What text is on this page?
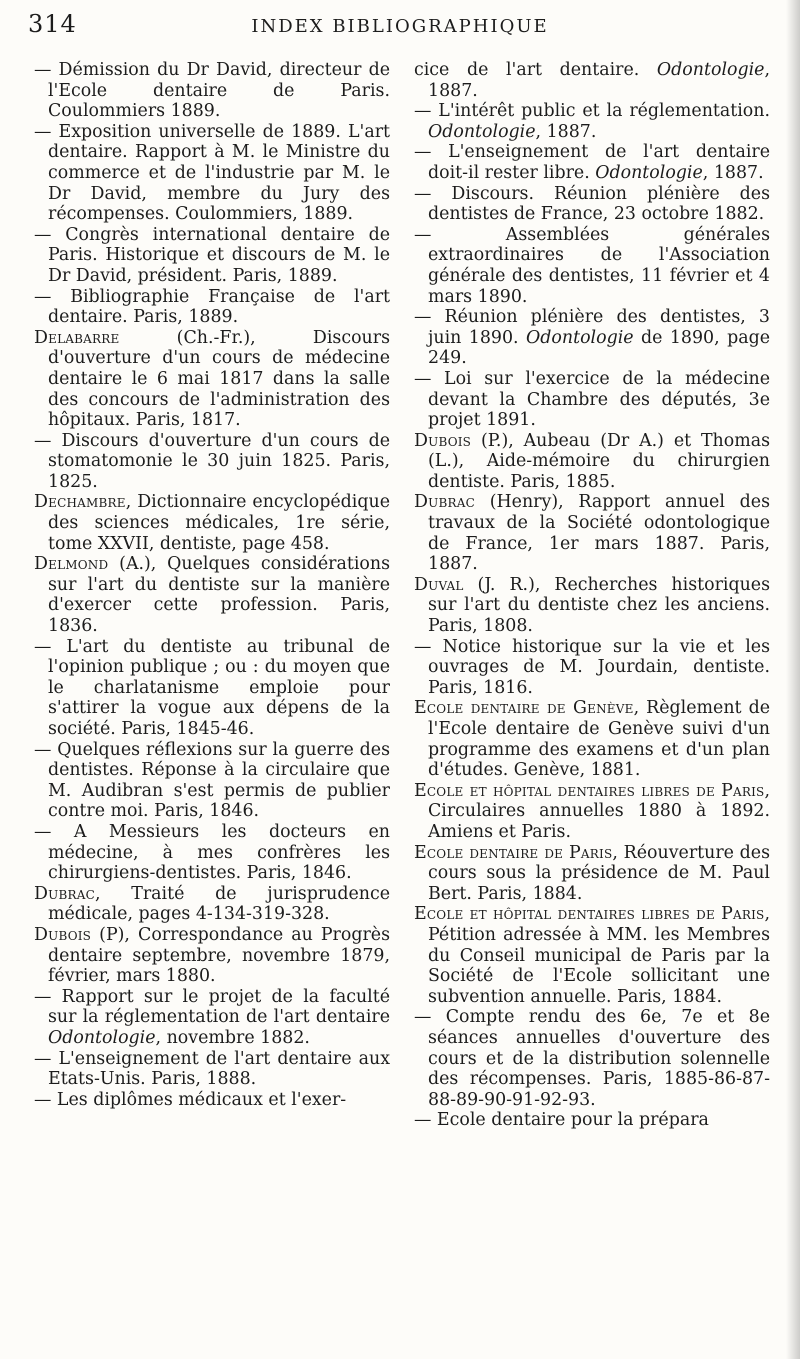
314	INDEX BIBLIOGRAPHIQUE

— Démission du Dr David, directeur de l'Ecole dentaire de Paris. Coulommiers 1889.

— Exposition universelle de 1889. L'art dentaire. Rapport à M. le Ministre du commerce et de l'industrie par M. le Dr David, membre du Jury des récompenses. Coulommiers, 1889.

— Congrès international dentaire de Paris. Historique et discours de M. le Dr David, président. Paris, 1889.

— Bibliographie Française de l'art dentaire. Paris, 1889.

Delabarre (Ch.-Fr.), Discours d'ouverture d'un cours de médecine dentaire le 6 mai 1817 dans la salle des concours de l'administration des hôpitaux. Paris, 1817.

— Discours d'ouverture d'un cours de stomatomonie le 30 juin 1825. Paris, 1825.

Dechambre, Dictionnaire encyclopédique des sciences médicales, 1re série, tome XXVII, dentiste, page 458.

Delmond (A.), Quelques considérations sur l'art du dentiste sur la manière d'exercer cette profession. Paris, 1836.

— L'art du dentiste au tribunal de l'opinion publique ; ou : du moyen que le charlatanisme emploie pour s'attirer la vogue aux dépens de la société. Paris, 1845-46.

— Quelques réflexions sur la guerre des dentistes. Réponse à la circulaire que M. Audibran s'est permis de publier contre moi. Paris, 1846.

— A Messieurs les docteurs en médecine, à mes confrères les chirurgiens-dentistes. Paris, 1846.

Dubrac, Traité de jurisprudence médicale, pages 4-134-319-328.

Dubois (P), Correspondance au Progrès dentaire septembre, novembre 1879, février, mars 1880.

— Rapport sur le projet de la faculté sur la réglementation de l'art dentaire Odontologie, novembre 1882.

— L'enseignement de l'art dentaire aux Etats-Unis. Paris, 1888.

— Les diplômes médicaux et l'exer-

cice de l'art dentaire. Odontologie, 1887.

— L'intérêt public et la réglementation. Odontologie, 1887.

— L'enseignement de l'art dentaire doit-il rester libre. Odontologie, 1887.

— Discours. Réunion plénière des dentistes de France, 23 octobre 1882.

— Assemblées générales extraordinaires de l'Association générale des dentistes, 11 février et 4 mars 1890.

— Réunion plénière des dentistes, 3 juin 1890. Odontologie de 1890, page 249.

— Loi sur l'exercice de la médecine devant la Chambre des députés, 3e projet 1891.

Dubois (P.), Aubeau (Dr A.) et Thomas (L.), Aide-mémoire du chirurgien dentiste. Paris, 1885.

Dubrac (Henry), Rapport annuel des travaux de la Société odontologique de France, 1er mars 1887. Paris, 1887.

Duval (J. R.), Recherches historiques sur l'art du dentiste chez les anciens. Paris, 1808.

— Notice historique sur la vie et les ouvrages de M. Jourdain, dentiste. Paris, 1816.

Ecole dentaire de Genève, Règlement de l'Ecole dentaire de Genève suivi d'un programme des examens et d'un plan d'études. Genève, 1881.

Ecole et hôpital dentaires libres de Paris, Circulaires annuelles 1880 à 1892. Amiens et Paris.

Ecole dentaire de Paris, Réouverture des cours sous la présidence de M. Paul Bert. Paris, 1884.

Ecole et hôpital dentaires libres de Paris, Pétition adressée à MM. les Membres du Conseil municipal de Paris par la Société de l'Ecole sollicitant une subvention annuelle. Paris, 1884.

— Compte rendu des 6e, 7e et 8e séances annuelles d'ouverture des cours et de la distribution solennelle des récompenses. Paris, 1885-86-87-88-89-90-91-92-93.

— Ecole dentaire pour la prépara
